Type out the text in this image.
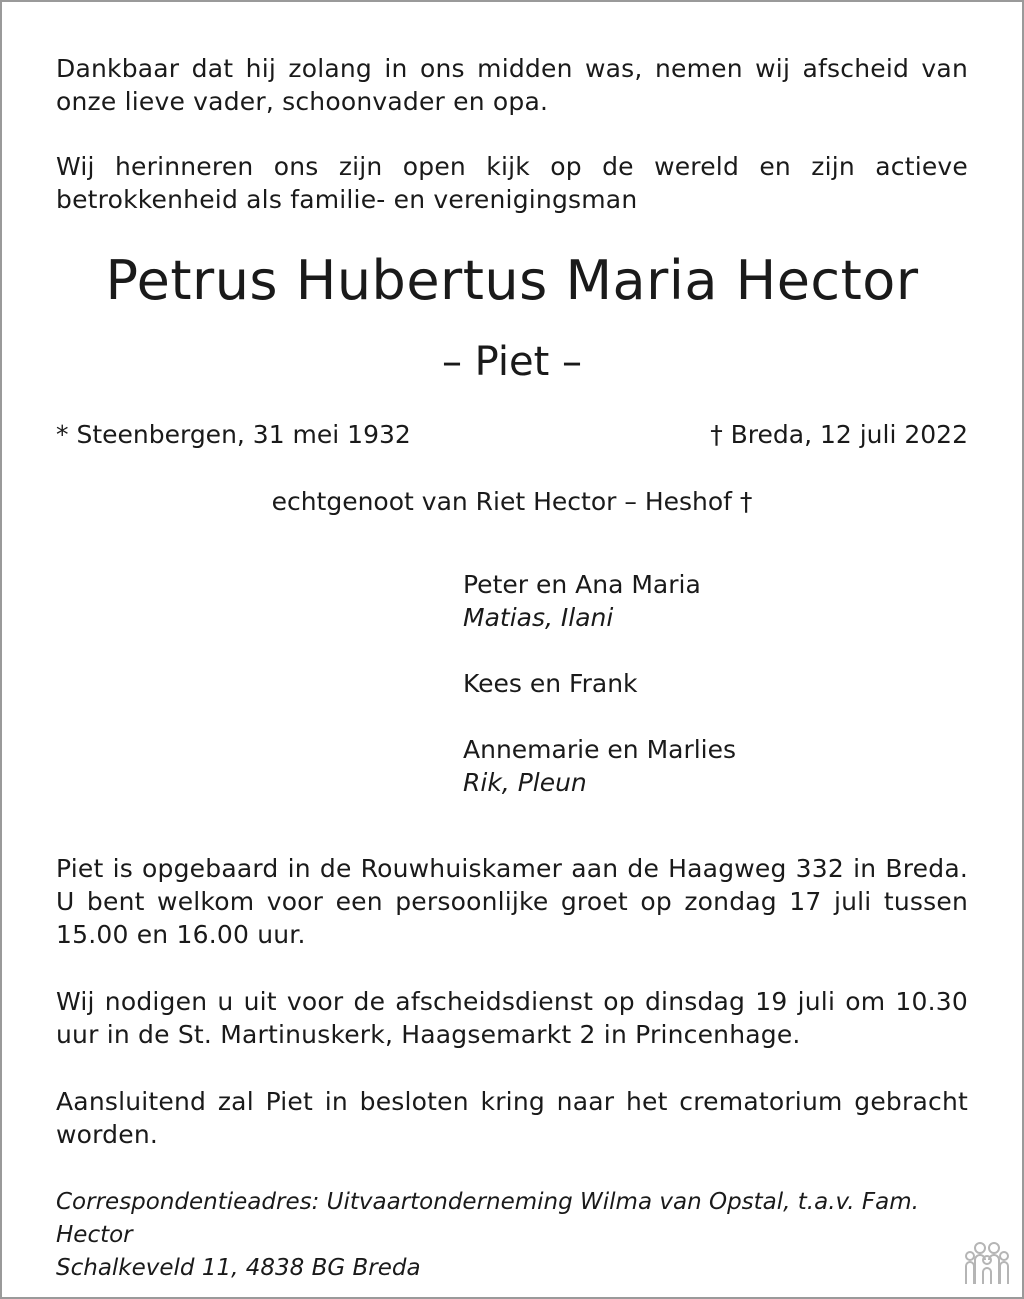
Dankbaar dat hij zolang in ons midden was, nemen wij afscheid van onze lieve vader, schoonvader en opa.

Wij herinneren ons zijn open kijk op de wereld en zijn actieve betrokkenheid als familie- en verenigingsman

Petrus Hubertus Maria Hector
– Piet –
* Steenbergen, 31 mei 1932	† Breda, 12 juli 2022
echtgenoot van Riet Hector – Heshof †
Peter en Ana Maria
Matias, Ilani
Kees en Frank
Annemarie en Marlies
Rik, Pleun

Piet is opgebaard in de Rouwhuiskamer aan de Haagweg 332 in Breda. U bent welkom voor een persoonlijke groet op zondag 17 juli tussen 15.00 en 16.00 uur.

Wij nodigen u uit voor de afscheidsdienst op dinsdag 19 juli om 10.30 uur in de St. Martinuskerk, Haagsemarkt 2 in Princenhage.

Aansluitend zal Piet in besloten kring naar het crematorium gebracht worden.

Correspondentieadres: Uitvaartonderneming Wilma van Opstal, t.a.v. Fam. Hector
Schalkeveld 11, 4838 BG Breda
